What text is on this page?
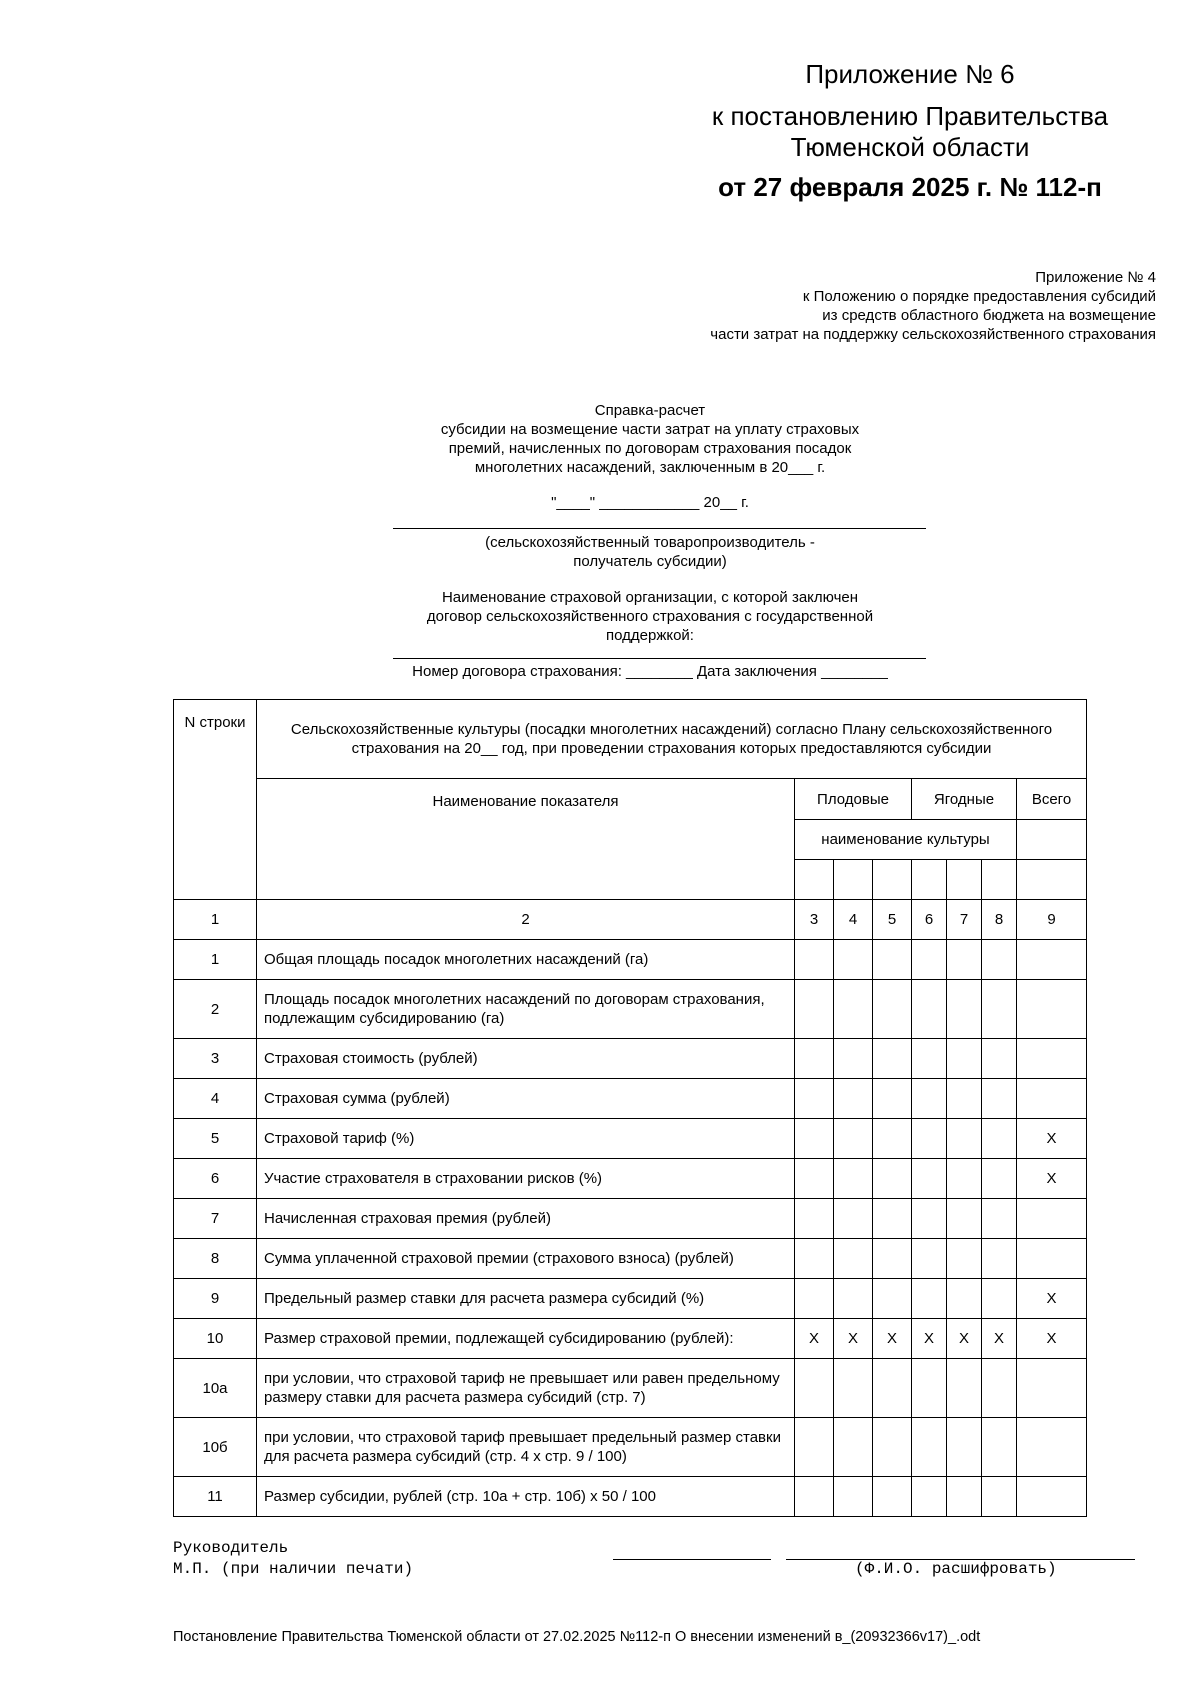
Приложение № 6
к постановлению Правительства
Тюменской области
от 27 февраля 2025 г. № 112-п
Приложение № 4
к Положению о порядке предоставления субсидий
из средств областного бюджета на возмещение
части затрат на поддержку сельскохозяйственного страхования
Справка-расчет
субсидии на возмещение части затрат на уплату страховых
премий, начисленных по договорам страхования посадок
многолетних насаждений, заключенным в 20___ г.
"____" ____________ 20__ г.
(сельскохозяйственный товаропроизводитель -
получатель субсидии)
Наименование страховой организации, с которой заключен
договор сельскохозяйственного страхования с государственной
поддержкой:
Номер договора страхования: ________ Дата заключения ________
N строки	Сельскохозяйственные культуры (посадки многолетних насаждений) согласно Плану сельскохозяйственного страхования на 20__ год, при проведении страхования которых предоставляются субсидии							
	Наименование показателя	Плодовые			Ягодные			Всего
		наименование культуры						

1	2	3	4	5	6	7	8	9
1	Общая площадь посадок многолетних насаждений (га)							
2	Площадь посадок многолетних насаждений по договорам страхования, подлежащим субсидированию (га)							
3	Страховая стоимость (рублей)							
4	Страховая сумма (рублей)							
5	Страховой тариф (%)							X
6	Участие страхователя в страховании рисков (%)							X
7	Начисленная страховая премия (рублей)							
8	Сумма уплаченной страховой премии (страхового взноса) (рублей)							
9	Предельный размер ставки для расчета размера субсидий (%)							X
10	Размер страховой премии, подлежащей субсидированию (рублей):	X	X	X	X	X	X	X
10а	при условии, что страховой тариф не превышает или равен предельному размеру ставки для расчета размера субсидий (стр. 7)							
10б	при условии, что страховой тариф превышает предельный размер ставки для расчета размера субсидий (стр. 4 x стр. 9 / 100)							
11	Размер субсидии, рублей (стр. 10а + стр. 10б) x 50 / 100							
Руководитель
М.П. (при наличии печати)	(Ф.И.О. расшифровать)
Постановление Правительства Тюменской области от 27.02.2025 №112-п О внесении изменений в_(20932366v17)_.odt
